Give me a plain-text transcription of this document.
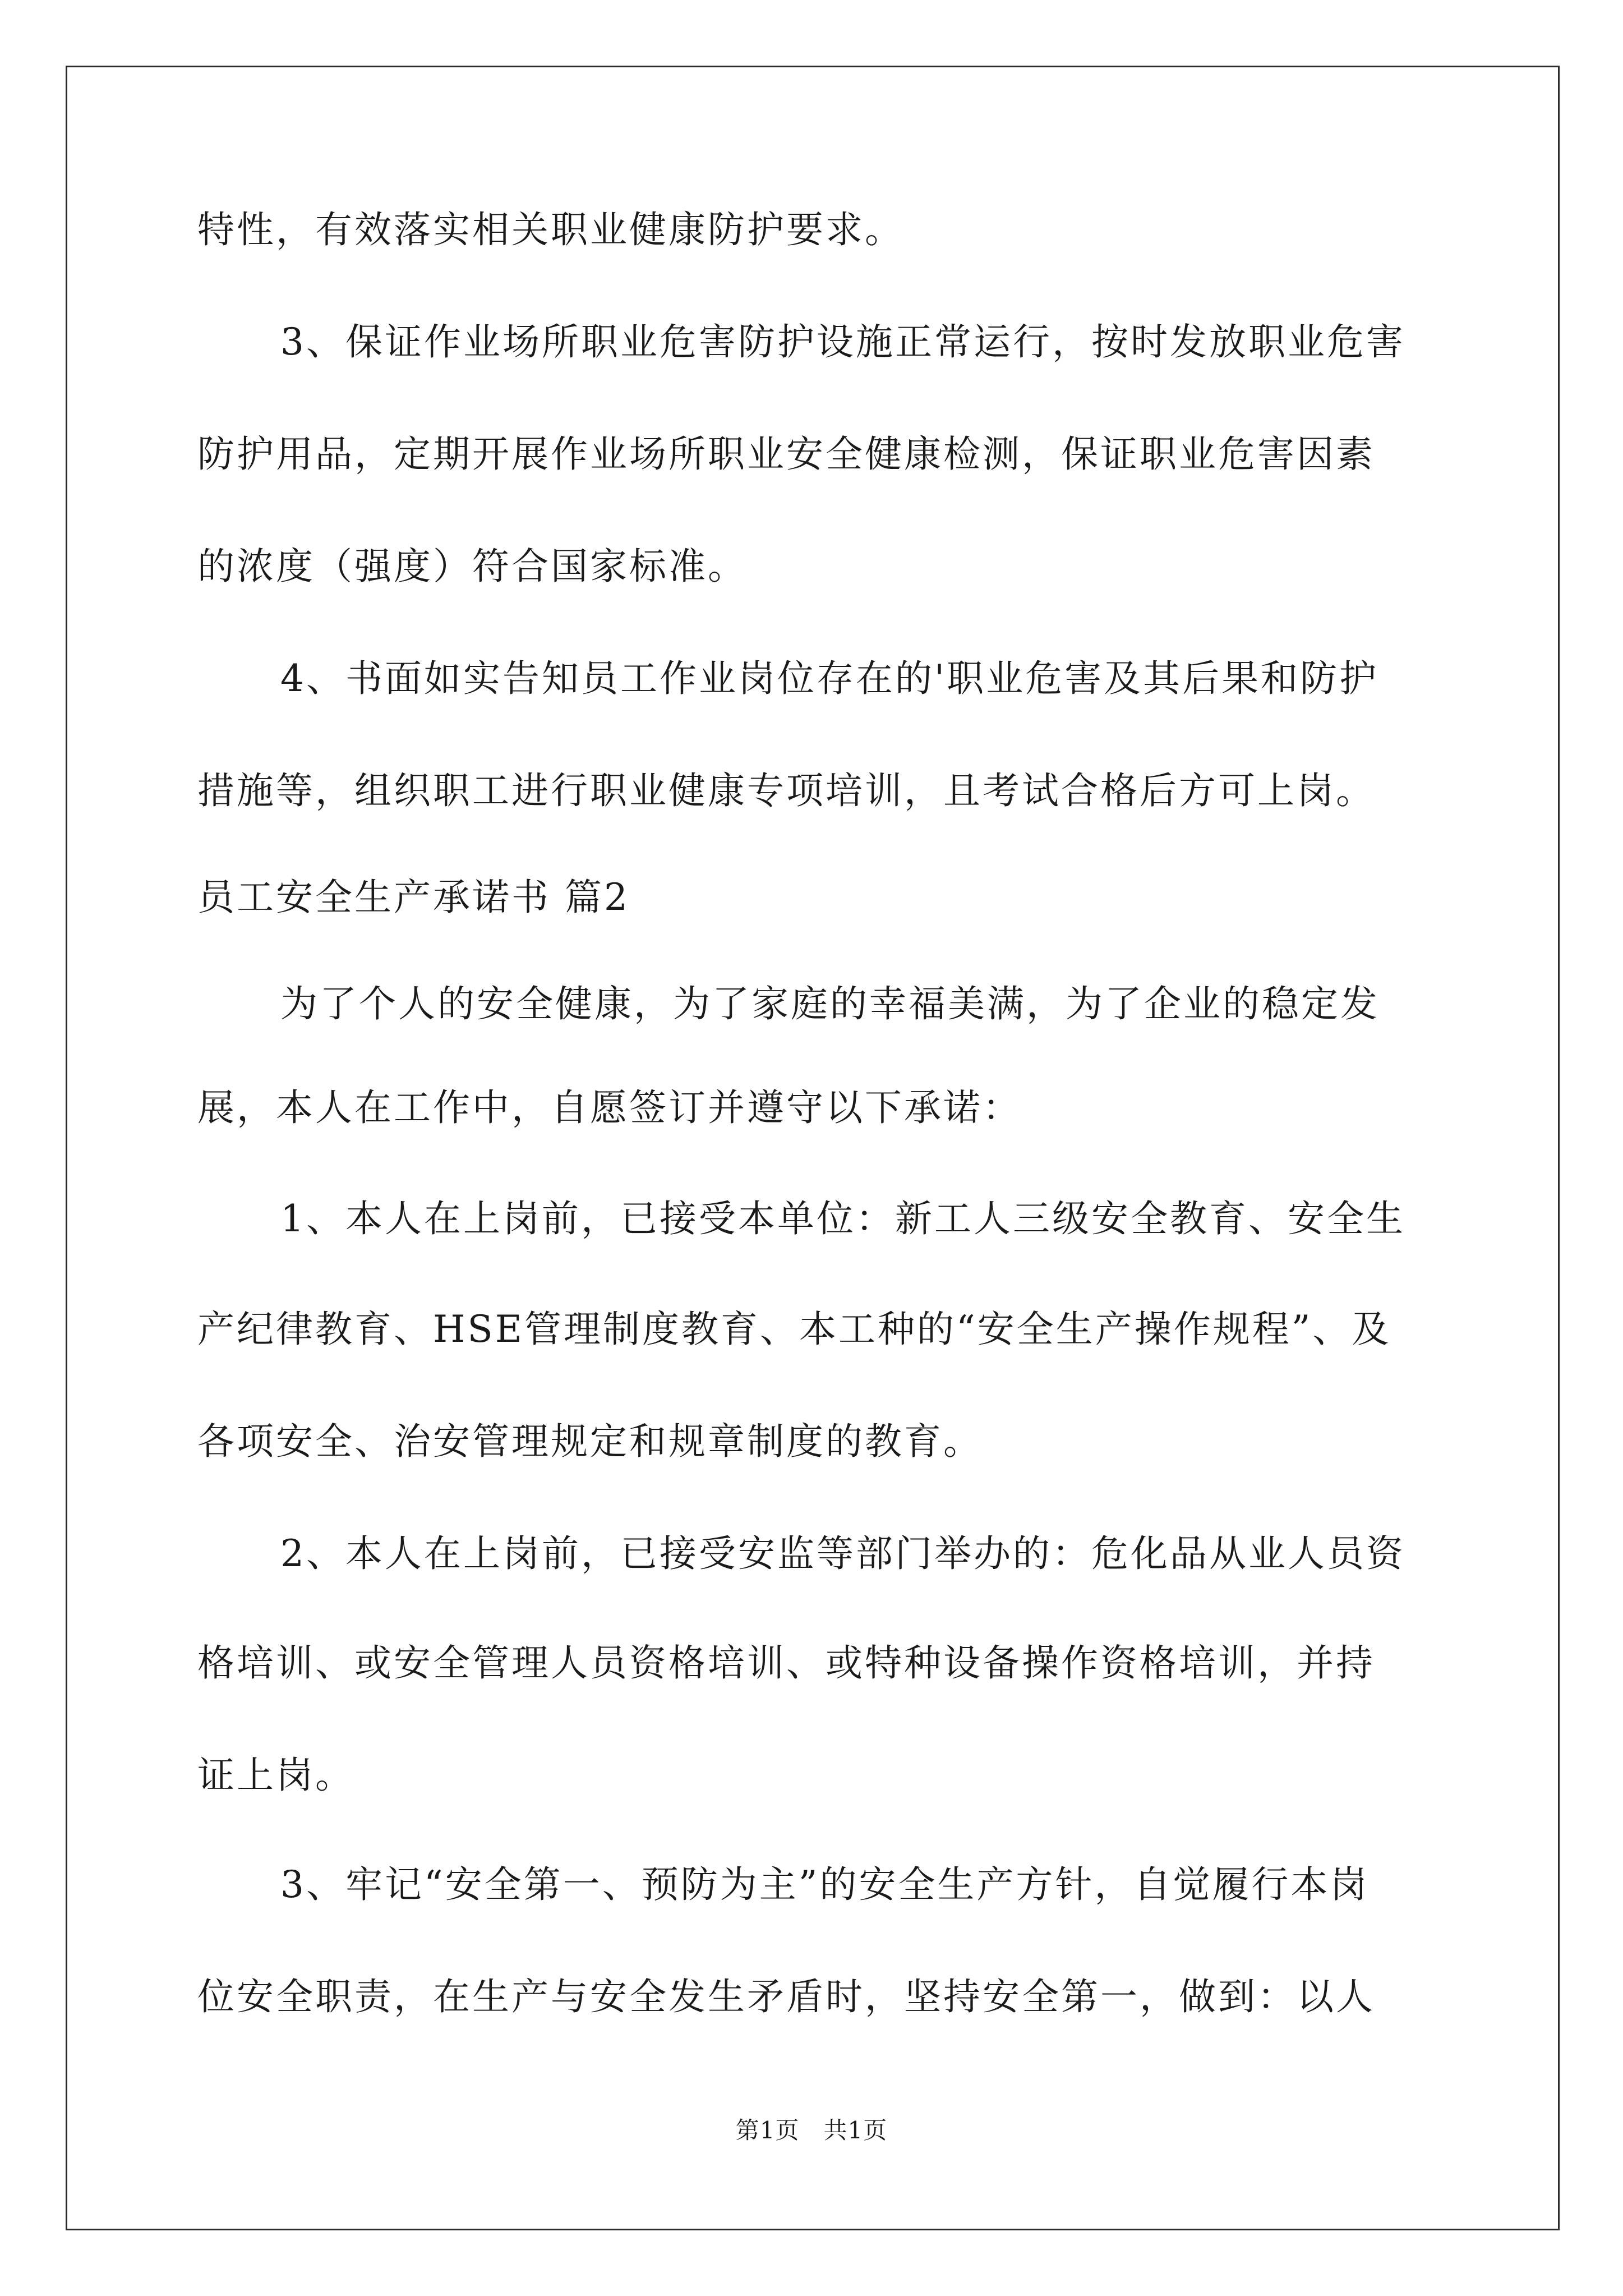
特性，有效落实相关职业健康防护要求。
3、保证作业场所职业危害防护设施正常运行，按时发放职业危害
防护用品，定期开展作业场所职业安全健康检测，保证职业危害因素
的浓度（强度）符合国家标准。
4、书面如实告知员工作业岗位存在的'职业危害及其后果和防护
措施等，组织职工进行职业健康专项培训，且考试合格后方可上岗。
员工安全生产承诺书 篇2
为了个人的安全健康，为了家庭的幸福美满，为了企业的稳定发
展，本人在工作中，自愿签订并遵守以下承诺：
1、本人在上岗前，已接受本单位：新工人三级安全教育、安全生
产纪律教育、HSE管理制度教育、本工种的“安全生产操作规程”、及
各项安全、治安管理规定和规章制度的教育。
2、本人在上岗前，已接受安监等部门举办的：危化品从业人员资
格培训、或安全管理人员资格培训、或特种设备操作资格培训，并持
证上岗。
3、牢记“安全第一、预防为主”的安全生产方针，自觉履行本岗
位安全职责，在生产与安全发生矛盾时，坚持安全第一，做到：以人
第1页　共1页
